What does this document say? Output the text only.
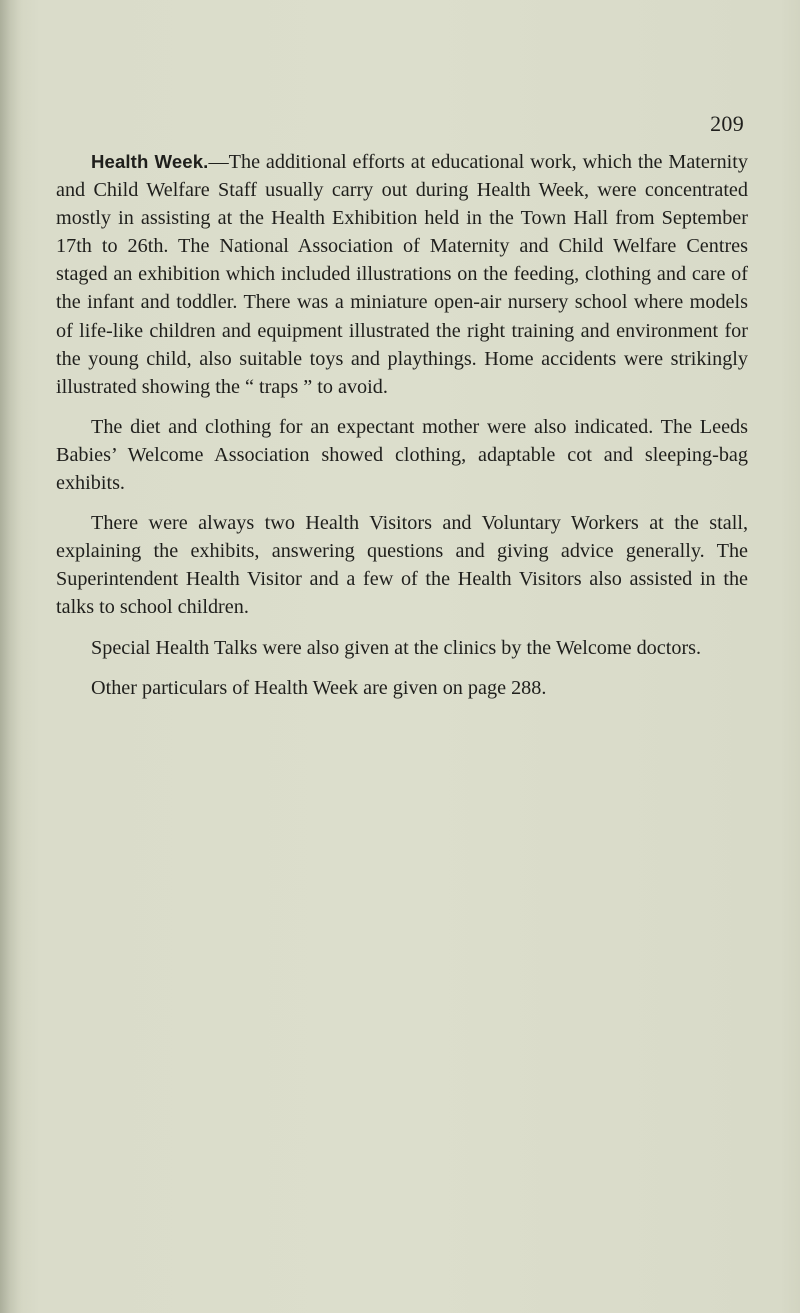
209

Health Week.—The additional efforts at educational work, which the Maternity and Child Welfare Staff usually carry out during Health Week, were concentrated mostly in assisting at the Health Exhibition held in the Town Hall from September 17th to 26th. The National Association of Maternity and Child Welfare Centres staged an exhibition which included illustrations on the feeding, clothing and care of the infant and toddler. There was a miniature open-air nursery school where models of life-like children and equipment illustrated the right training and environment for the young child, also suitable toys and playthings. Home accidents were strikingly illustrated showing the “ traps ” to avoid.

The diet and clothing for an expectant mother were also indicated. The Leeds Babies’ Welcome Association showed clothing, adaptable cot and sleeping-bag exhibits.

There were always two Health Visitors and Voluntary Workers at the stall, explaining the exhibits, answering questions and giving advice generally. The Superintendent Health Visitor and a few of the Health Visitors also assisted in the talks to school children.

Special Health Talks were also given at the clinics by the Welcome doctors.

Other particulars of Health Week are given on page 288.
